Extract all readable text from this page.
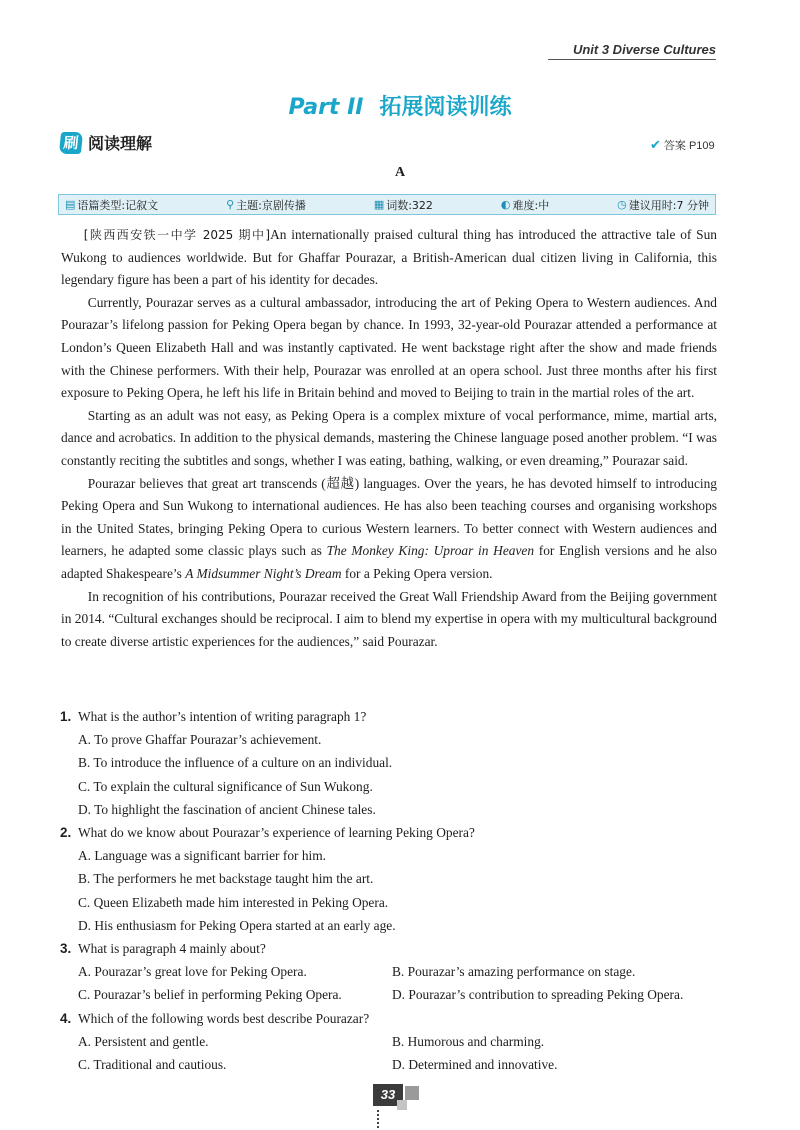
Unit 3 Diverse Cultures
Part II 拓展阅读训练
刷 阅读理解	✔ 答案 P109
A
▤ 语篇类型:记叙文	⚲ 主题:京剧传播	▦ 词数:322	◐ 难度:中	◷ 建议用时:7 分钟

[陕西西安铁一中学 2025 期中]An internationally praised cultural thing has introduced the attractive tale of Sun Wukong to audiences worldwide. But for Ghaffar Pourazar, a British-American dual citizen living in California, this legendary figure has been a part of his identity for decades.

Currently, Pourazar serves as a cultural ambassador, introducing the art of Peking Opera to Western audiences. And Pourazar’s lifelong passion for Peking Opera began by chance. In 1993, 32-year-old Pourazar attended a performance at London’s Queen Elizabeth Hall and was instantly captivated. He went backstage right after the show and made friends with the Chinese performers. With their help, Pourazar was enrolled at an opera school. Just three months after his first exposure to Peking Opera, he left his life in Britain behind and moved to Beijing to train in the martial roles of the art.

Starting as an adult was not easy, as Peking Opera is a complex mixture of vocal performance, mime, martial arts, dance and acrobatics. In addition to the physical demands, mastering the Chinese language posed another problem. “I was constantly reciting the subtitles and songs, whether I was eating, bathing, walking, or even dreaming,” Pourazar said.

Pourazar believes that great art transcends (超越) languages. Over the years, he has devoted himself to introducing Peking Opera and Sun Wukong to international audiences. He has also been teaching courses and organising workshops in the United States, bringing Peking Opera to curious Western learners. To better connect with Western audiences and learners, he adapted some classic plays such as The Monkey King: Uproar in Heaven for English versions and he also adapted Shakespeare’s A Midsummer Night’s Dream for a Peking Opera version.

In recognition of his contributions, Pourazar received the Great Wall Friendship Award from the Beijing government in 2014. “Cultural exchanges should be reciprocal. I aim to blend my expertise in opera with my multicultural background to create diverse artistic experiences for the audiences,” said Pourazar.

1. What is the author’s intention of writing paragraph 1?
A. To prove Ghaffar Pourazar’s achievement.
B. To introduce the influence of a culture on an individual.
C. To explain the cultural significance of Sun Wukong.
D. To highlight the fascination of ancient Chinese tales.
2. What do we know about Pourazar’s experience of learning Peking Opera?
A. Language was a significant barrier for him.
B. The performers he met backstage taught him the art.
C. Queen Elizabeth made him interested in Peking Opera.
D. His enthusiasm for Peking Opera started at an early age.
3. What is paragraph 4 mainly about?
A. Pourazar’s great love for Peking Opera.	B. Pourazar’s amazing performance on stage.
C. Pourazar’s belief in performing Peking Opera.	D. Pourazar’s contribution to spreading Peking Opera.
4. Which of the following words best describe Pourazar?
A. Persistent and gentle.	B. Humorous and charming.
C. Traditional and cautious.	D. Determined and innovative.
33
